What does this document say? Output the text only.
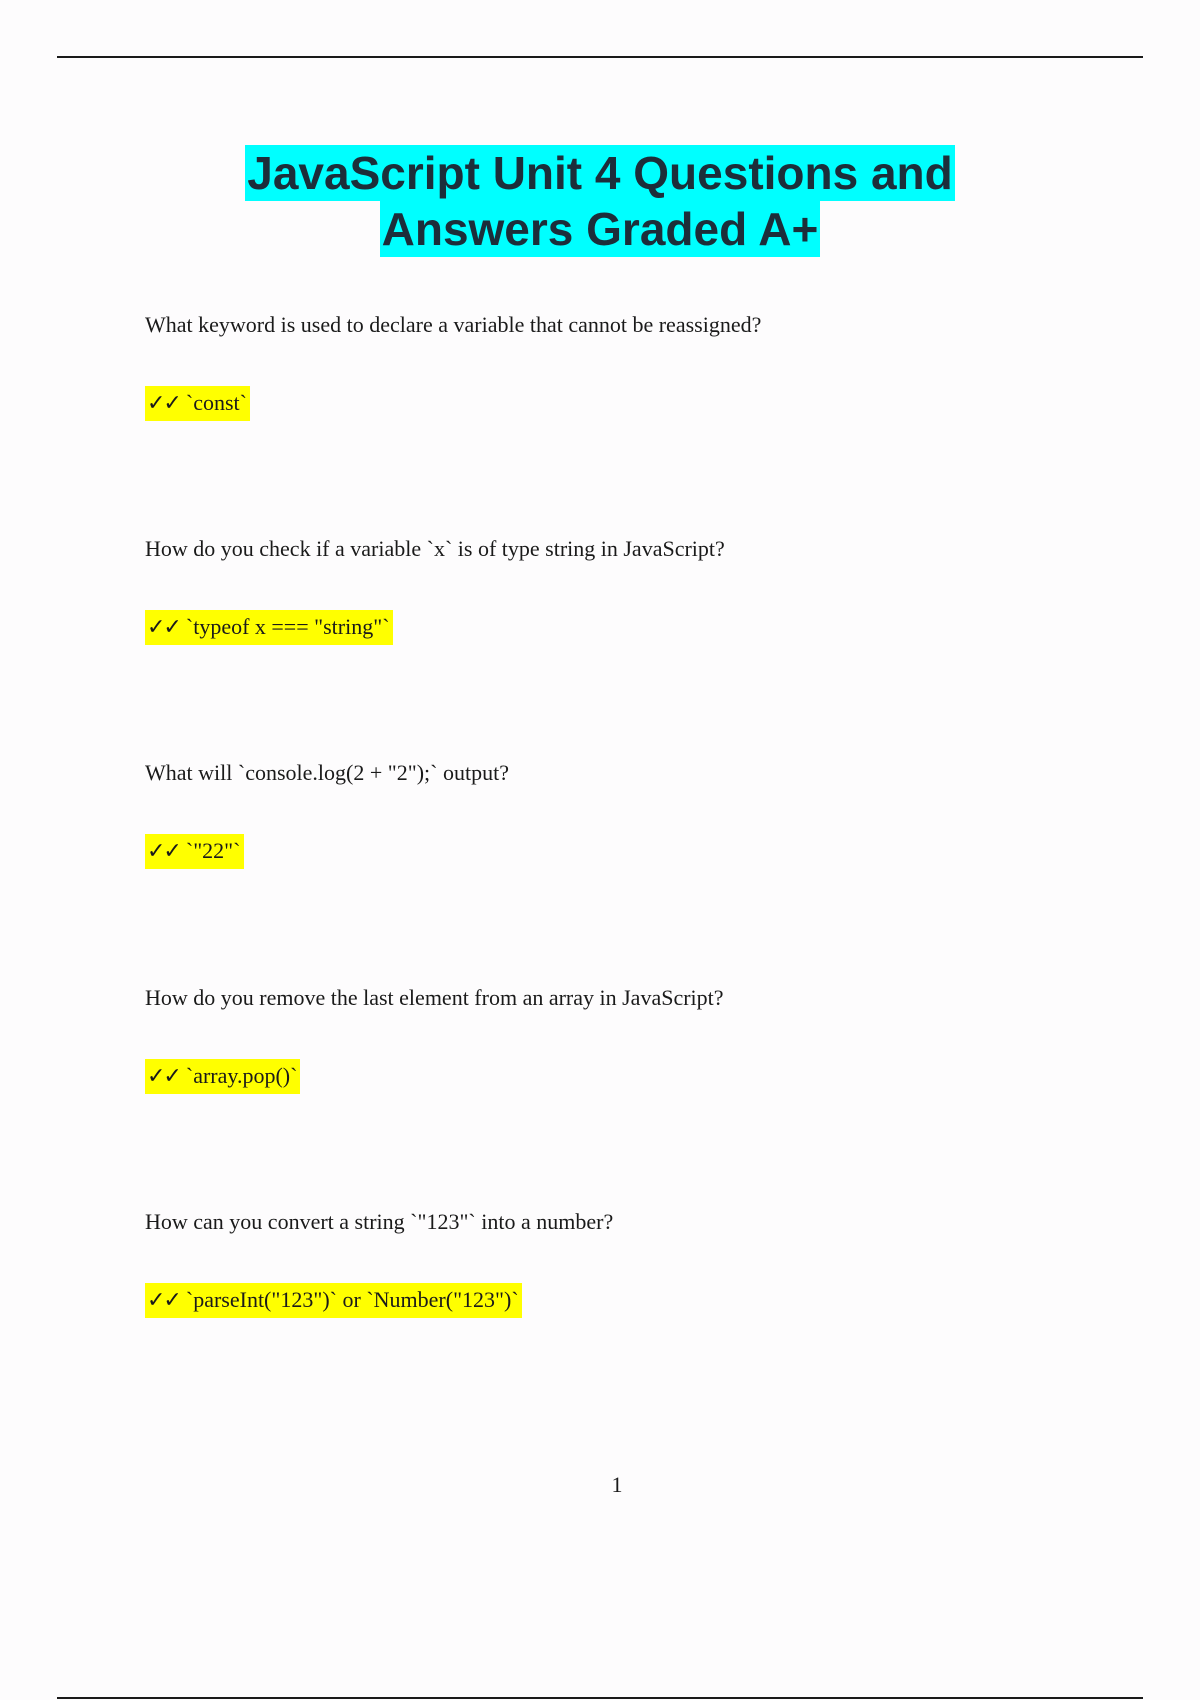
JavaScript Unit 4 Questions and
Answers Graded A+
What keyword is used to declare a variable that cannot be reassigned?
✓✓ `const`
How do you check if a variable `x` is of type string in JavaScript?
✓✓ `typeof x === "string"`
What will `console.log(2 + "2");` output?
✓✓ `"22"`
How do you remove the last element from an array in JavaScript?
✓✓ `array.pop()`
How can you convert a string `"123"` into a number?
✓✓ `parseInt("123")` or `Number("123")`
1
